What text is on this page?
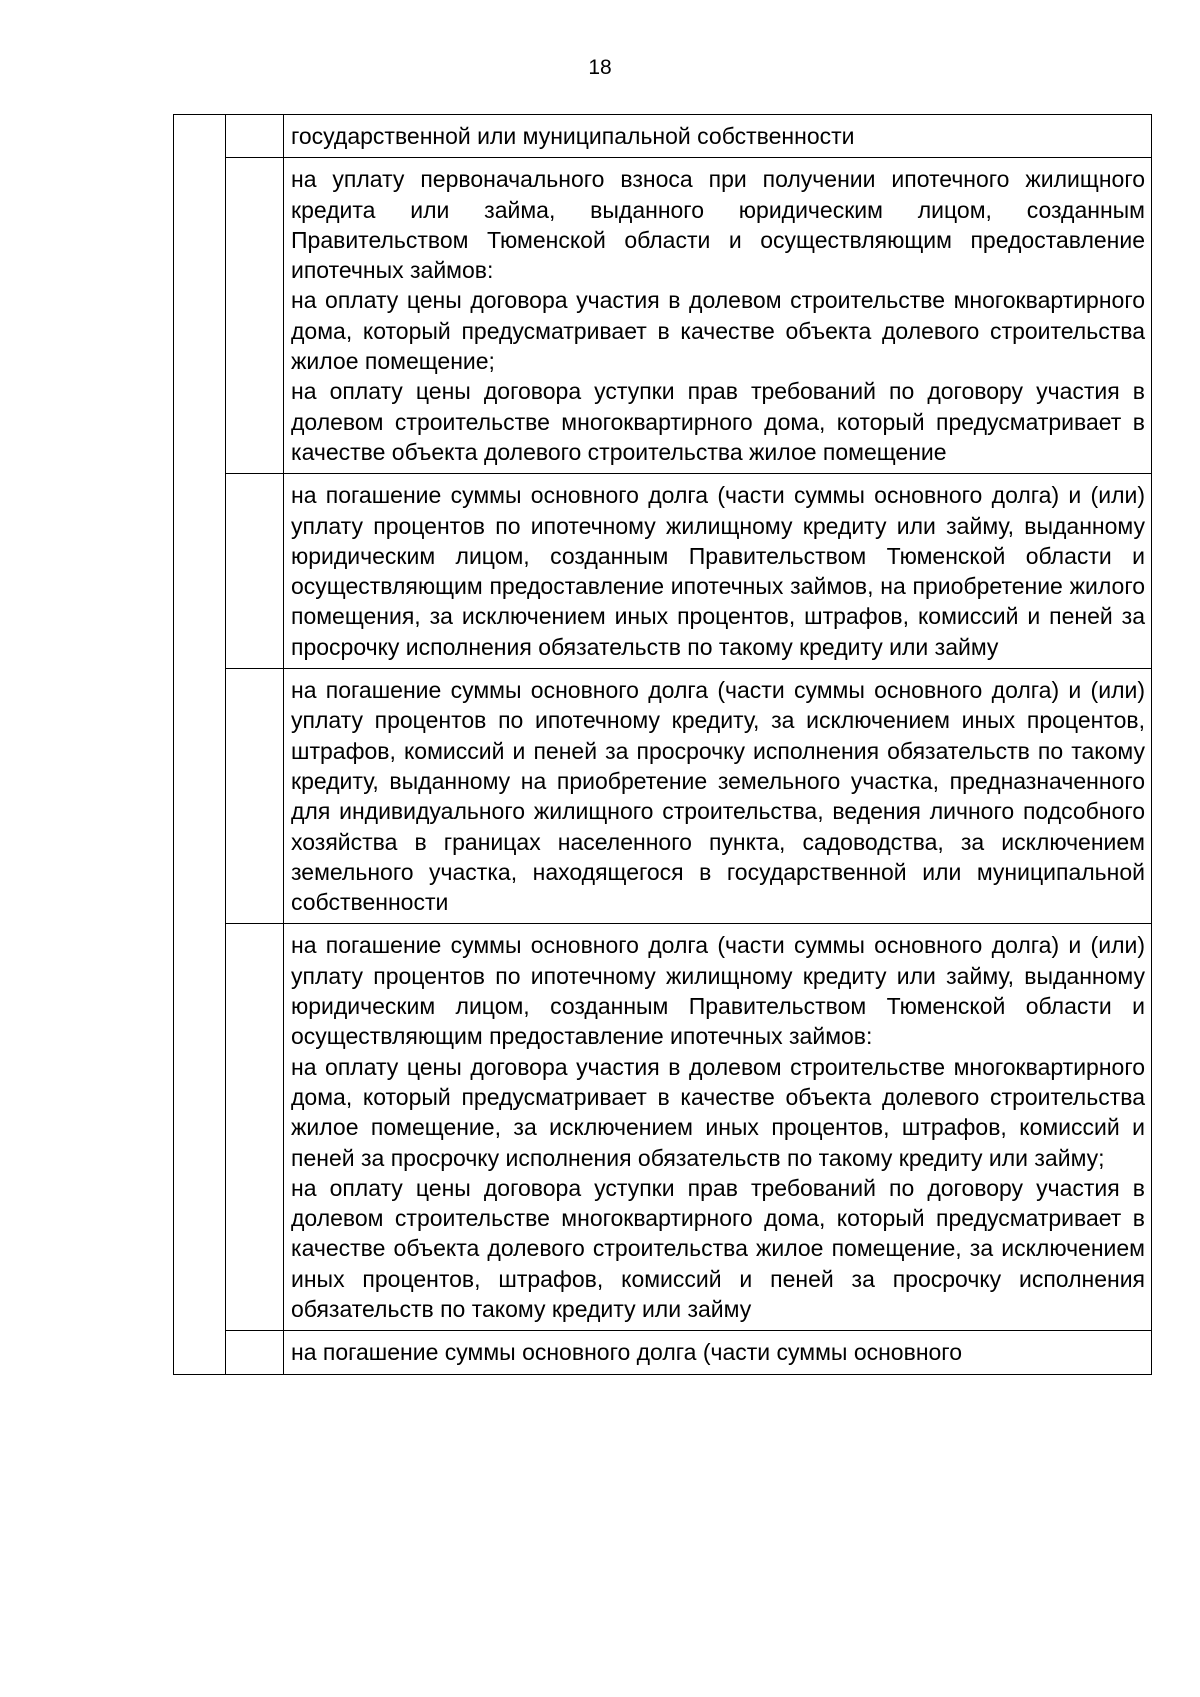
18

		государственной или муниципальной собственности

		на уплату первоначального взноса при получении ипотечного жилищного кредита или займа, выданного юридическим лицом, созданным Правительством Тюменской области и осуществляющим предоставление ипотечных займов:

на оплату цены договора участия в долевом строительстве многоквартирного дома, который предусматривает в качестве объекта долевого строительства жилое помещение;

на оплату цены договора уступки прав требований по договору участия в долевом строительстве многоквартирного дома, который предусматривает в качестве объекта долевого строительства жилое помещение

		на погашение суммы основного долга (части суммы основного долга) и (или) уплату процентов по ипотечному жилищному кредиту или займу, выданному юридическим лицом, созданным Правительством Тюменской области и осуществляющим предоставление ипотечных займов, на приобретение жилого помещения, за исключением иных процентов, штрафов, комиссий и пеней за просрочку исполнения обязательств по такому кредиту или займу

		на погашение суммы основного долга (части суммы основного долга) и (или) уплату процентов по ипотечному кредиту, за исключением иных процентов, штрафов, комиссий и пеней за просрочку исполнения обязательств по такому кредиту, выданному на приобретение земельного участка, предназначенного для индивидуального жилищного строительства, ведения личного подсобного хозяйства в границах населенного пункта, садоводства, за исключением земельного участка, находящегося в государственной или муниципальной собственности

		на погашение суммы основного долга (части суммы основного долга) и (или) уплату процентов по ипотечному жилищному кредиту или займу, выданному юридическим лицом, созданным Правительством Тюменской области и осуществляющим предоставление ипотечных займов:

на оплату цены договора участия в долевом строительстве многоквартирного дома, который предусматривает в качестве объекта долевого строительства жилое помещение, за исключением иных процентов, штрафов, комиссий и пеней за просрочку исполнения обязательств по такому кредиту или займу;

на оплату цены договора уступки прав требований по договору участия в долевом строительстве многоквартирного дома, который предусматривает в качестве объекта долевого строительства жилое помещение, за исключением иных процентов, штрафов, комиссий и пеней за просрочку исполнения обязательств по такому кредиту или займу

		на погашение суммы основного долга (части суммы основного
